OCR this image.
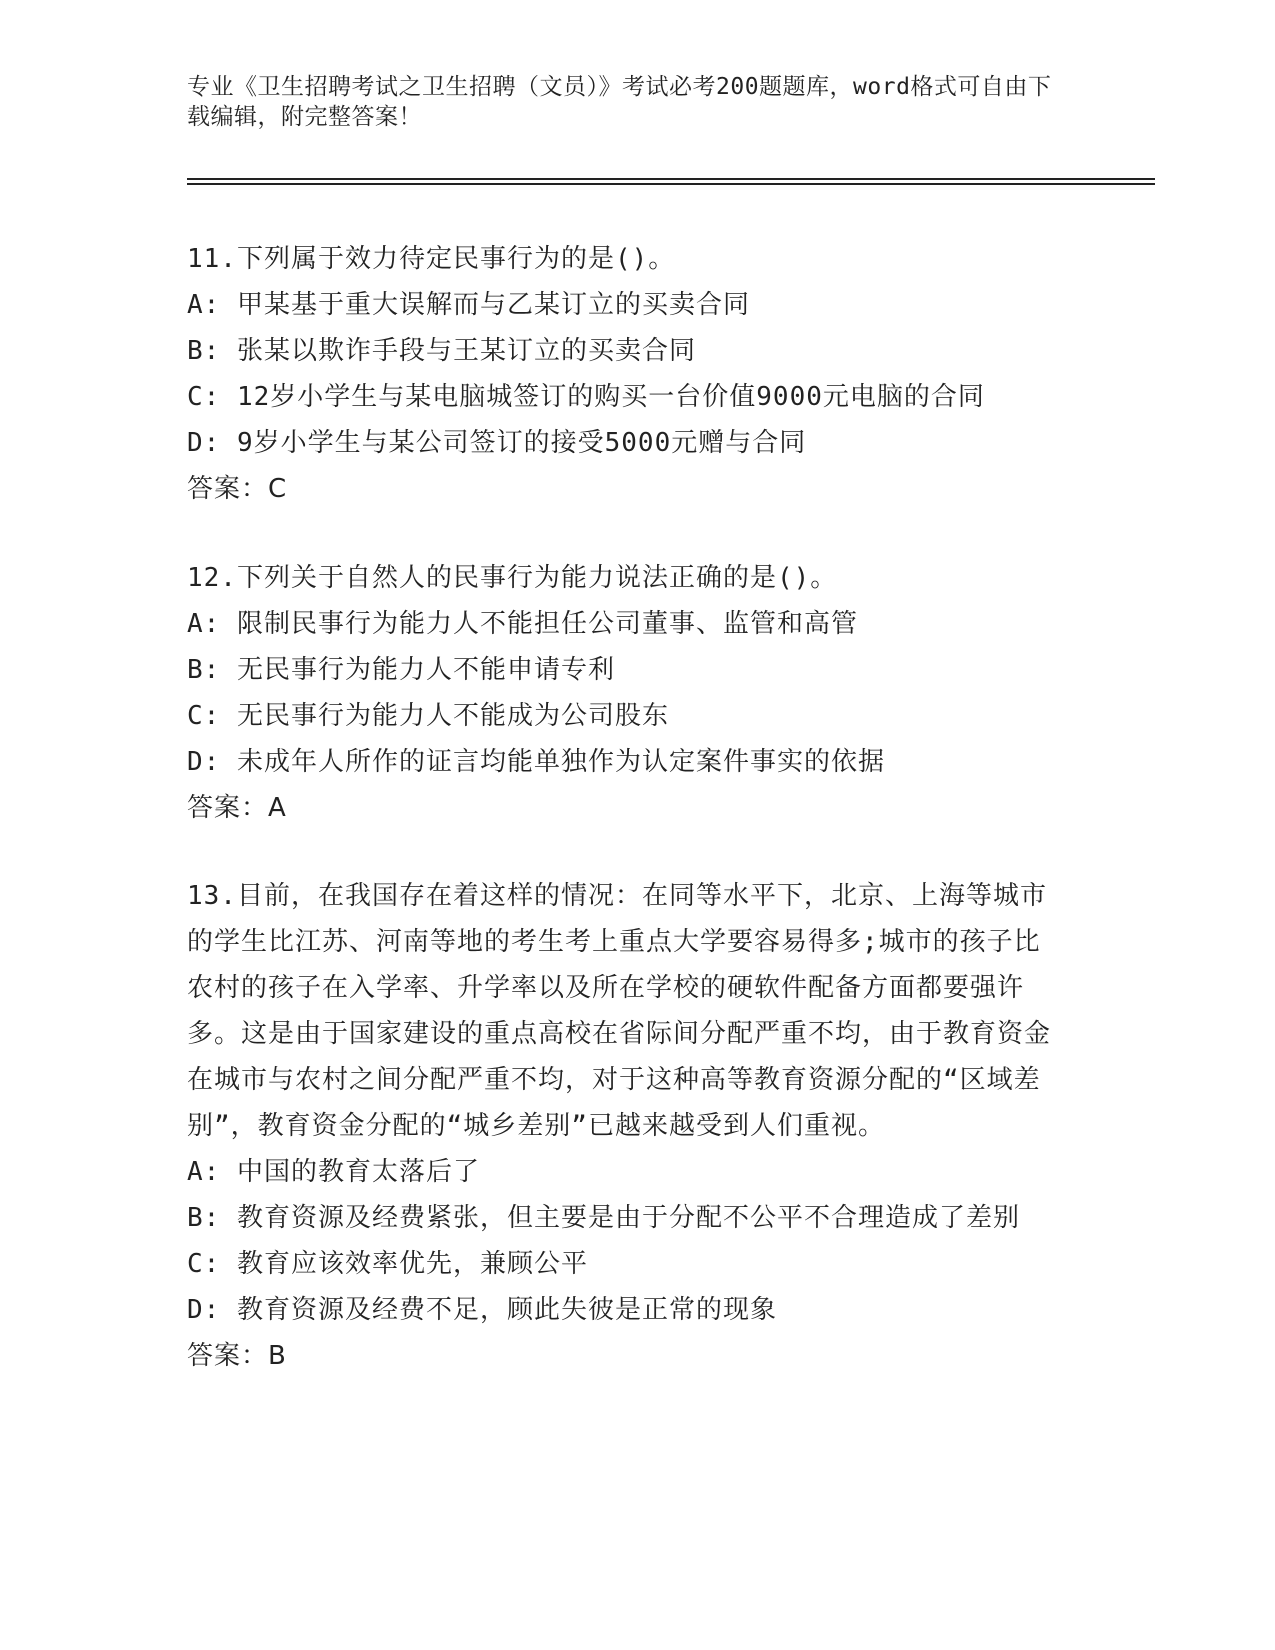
专业《卫生招聘考试之卫生招聘（文员）》考试必考200题题库，word格式可自由下载编辑，附完整答案！
11.下列属于效力待定民事行为的是()。
A: 甲某基于重大误解而与乙某订立的买卖合同
B: 张某以欺诈手段与王某订立的买卖合同
C: 12岁小学生与某电脑城签订的购买一台价值9000元电脑的合同
D: 9岁小学生与某公司签订的接受5000元赠与合同
答案：C
12.下列关于自然人的民事行为能力说法正确的是()。
A: 限制民事行为能力人不能担任公司董事、监管和高管
B: 无民事行为能力人不能申请专利
C: 无民事行为能力人不能成为公司股东
D: 未成年人所作的证言均能单独作为认定案件事实的依据
答案：A
13.目前，在我国存在着这样的情况：在同等水平下，北京、上海等城市的学生比江苏、河南等地的考生考上重点大学要容易得多;城市的孩子比农村的孩子在入学率、升学率以及所在学校的硬软件配备方面都要强许多。这是由于国家建设的重点高校在省际间分配严重不均，由于教育资金在城市与农村之间分配严重不均，对于这种高等教育资源分配的“区域差别”，教育资金分配的“城乡差别”已越来越受到人们重视。
A: 中国的教育太落后了
B: 教育资源及经费紧张，但主要是由于分配不公平不合理造成了差别
C: 教育应该效率优先，兼顾公平
D: 教育资源及经费不足，顾此失彼是正常的现象
答案：B
